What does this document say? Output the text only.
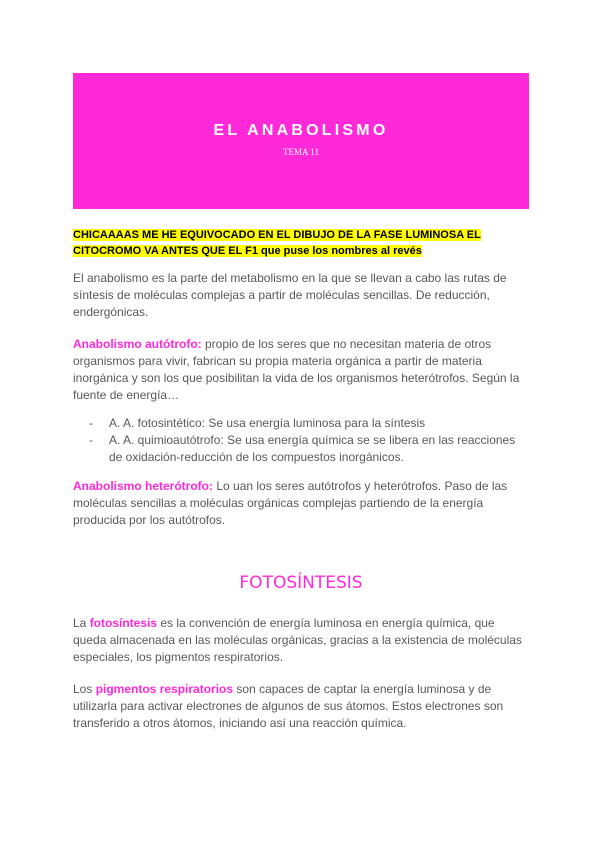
EL ANABOLISMO
TEMA 11
CHICAAAAS ME HE EQUIVOCADO EN EL DIBUJO DE LA FASE LUMINOSA EL CITOCROMO VA ANTES QUE EL F1 que puse los nombres al revés
El anabolismo es la parte del metabolismo en la que se llevan a cabo las rutas de síntesis de moléculas complejas a partir de moléculas sencillas. De reducción, endergónicas.
Anabolismo autótrofo: propio de los seres que no necesitan materia de otros organismos para vivir, fabrican su propia materia orgánica a partir de materia inorgánica y son los que posibilitan la vida de los organismos heterótrofos. Según la fuente de energía…
- A. A. fotosintético: Se usa energía luminosa para la síntesis
- A. A. quimioautótrofo: Se usa energía química se se libera en las reacciones de oxidación-reducción de los compuestos inorgánicos.
Anabolismo heterótrofo: Lo uan los seres autótrofos y heterótrofos. Paso de las moléculas sencillas a moléculas orgánicas complejas partiendo de la energía producida por los autótrofos.
FOTOSÍNTESIS
La fotosíntesis es la convención de energía luminosa en energía química, que queda almacenada en las moléculas orgánicas, gracias a la existencia de moléculas especiales, los pigmentos respiratorios.
Los pigmentos respiratorios son capaces de captar la energía luminosa y de utilizarla para activar electrones de algunos de sus átomos. Estos electrones son transferido a otros átomos, iniciando así una reacción química.
